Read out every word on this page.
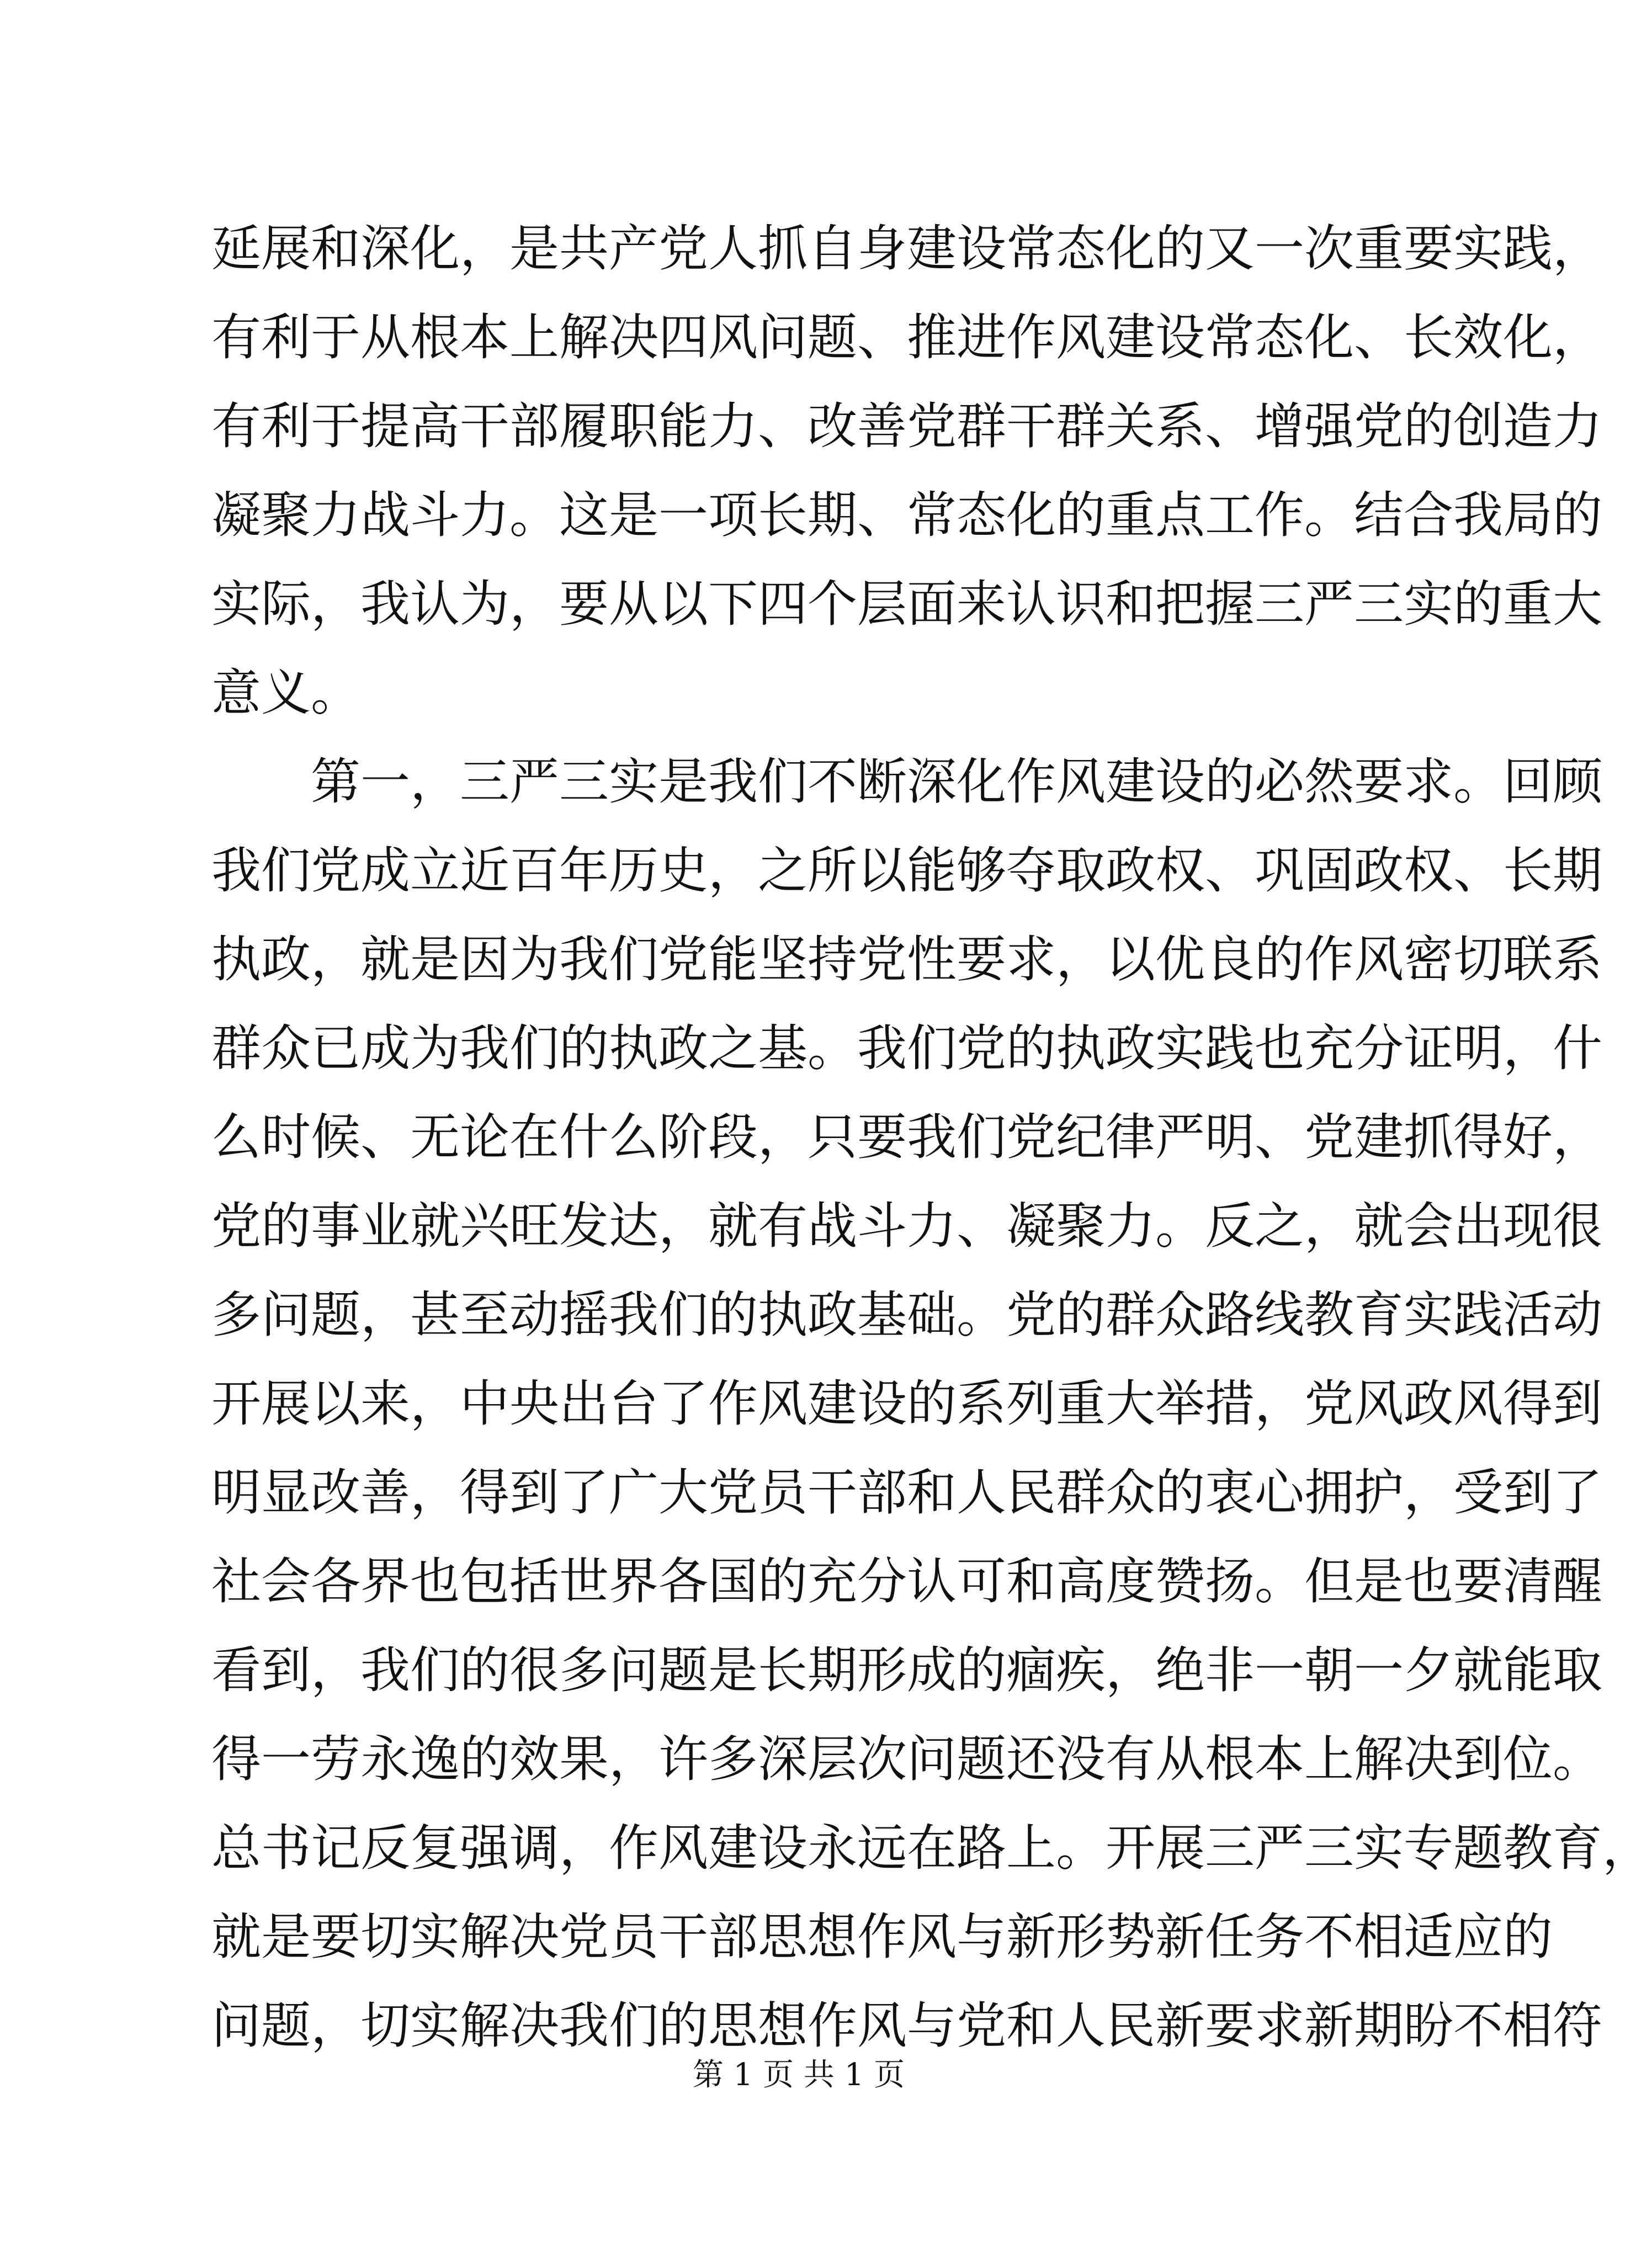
延展和深化，是共产党人抓自身建设常态化的又一次重要实践，
有利于从根本上解决四风问题、推进作风建设常态化、长效化，
有利于提高干部履职能力、改善党群干群关系、增强党的创造力
凝聚力战斗力。这是一项长期、常态化的重点工作。结合我局的
实际，我认为，要从以下四个层面来认识和把握三严三实的重大
意义。
　　第一，三严三实是我们不断深化作风建设的必然要求。回顾
我们党成立近百年历史，之所以能够夺取政权、巩固政权、长期
执政，就是因为我们党能坚持党性要求，以优良的作风密切联系
群众已成为我们的执政之基。我们党的执政实践也充分证明，什
么时候、无论在什么阶段，只要我们党纪律严明、党建抓得好，
党的事业就兴旺发达，就有战斗力、凝聚力。反之，就会出现很
多问题，甚至动摇我们的执政基础。党的群众路线教育实践活动
开展以来，中央出台了作风建设的系列重大举措，党风政风得到
明显改善，得到了广大党员干部和人民群众的衷心拥护，受到了
社会各界也包括世界各国的充分认可和高度赞扬。但是也要清醒
看到，我们的很多问题是长期形成的痼疾，绝非一朝一夕就能取
得一劳永逸的效果，许多深层次问题还没有从根本上解决到位。
总书记反复强调，作风建设永远在路上。开展三严三实专题教育，
就是要切实解决党员干部思想作风与新形势新任务不相适应的
问题，切实解决我们的思想作风与党和人民新要求新期盼不相符
第 1 页 共 1 页
